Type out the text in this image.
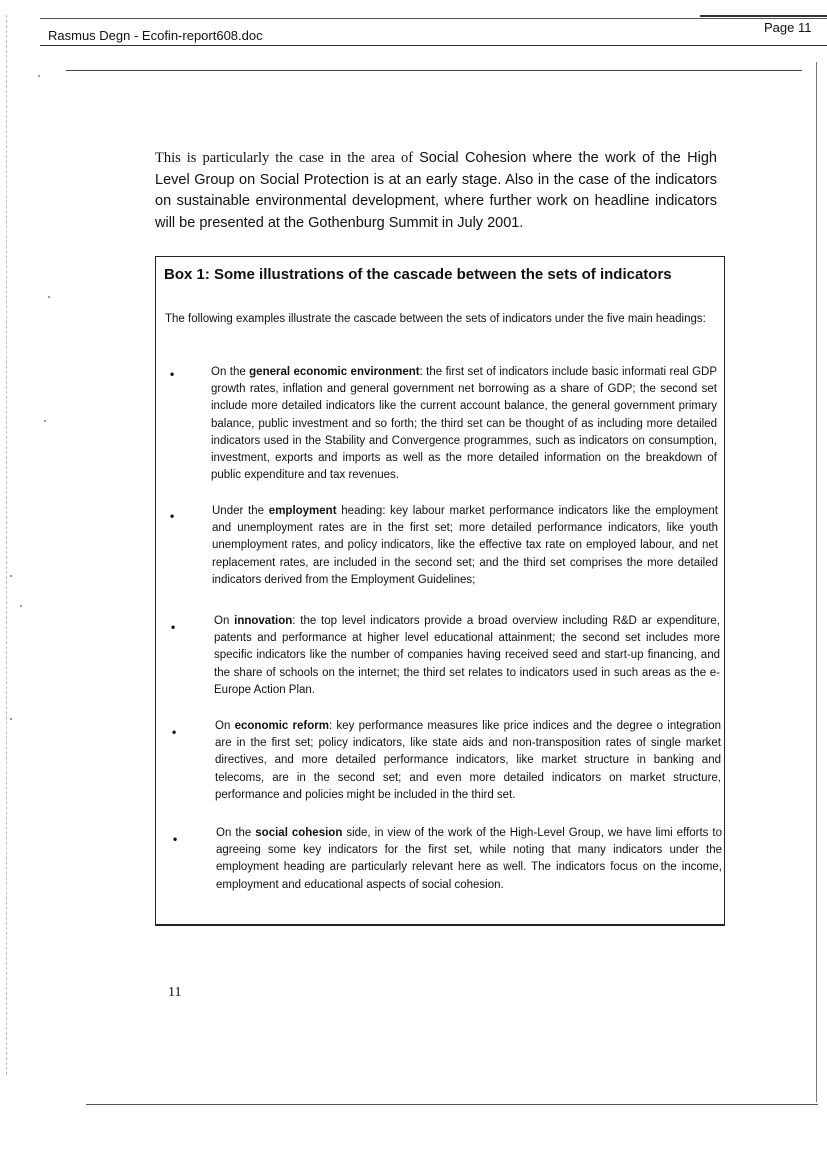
Rasmus Degn - Ecofin-report608.doc
Page 11
This is particularly the case in the area of Social Cohesion where the work of the High Level Group on Social Protection is at an early stage. Also in the case of the indicators on sustainable environmental development, where further work on headline indicators will be presented at the Gothenburg Summit in July 2001.
Box 1: Some illustrations of the cascade between the sets of indicators
The following examples illustrate the cascade between the sets of indicators under the five main headings:
•	On the general economic environment: the first set of indicators include basic informati real GDP growth rates, inflation and general government net borrowing as a share of GDP; the second set include more detailed indicators like the current account balance, the general government primary balance, public investment and so forth; the third set can be thought of as including more detailed indicators used in the Stability and Convergence programmes, such as indicators on consumption, investment, exports and imports as well as the more detailed information on the breakdown of public expenditure and tax revenues.
•	Under the employment heading: key labour market performance indicators like the employment and unemployment rates are in the first set; more detailed performance indicators, like youth unemployment rates, and policy indicators, like the effective tax rate on employed labour, and net replacement rates, are included in the second set; and the third set comprises the more detailed indicators derived from the Employment Guidelines;
•	On innovation: the top level indicators provide a broad overview including R&D ar expenditure, patents and performance at higher level educational attainment; the second set includes more specific indicators like the number of companies having received seed and start-up financing, and the share of schools on the internet; the third set relates to indicators used in such areas as the e-Europe Action Plan.
•	On economic reform: key performance measures like price indices and the degree o integration are in the first set; policy indicators, like state aids and non-transposition rates of single market directives, and more detailed performance indicators, like market structure in banking and telecoms, are in the second set; and even more detailed indicators on market structure, performance and policies might be included in the third set.
•	On the social cohesion side, in view of the work of the High-Level Group, we have limi efforts to agreeing some key indicators for the first set, while noting that many indicators under the employment heading are particularly relevant here as well. The indicators focus on the income, employment and educational aspects of social cohesion.
11
